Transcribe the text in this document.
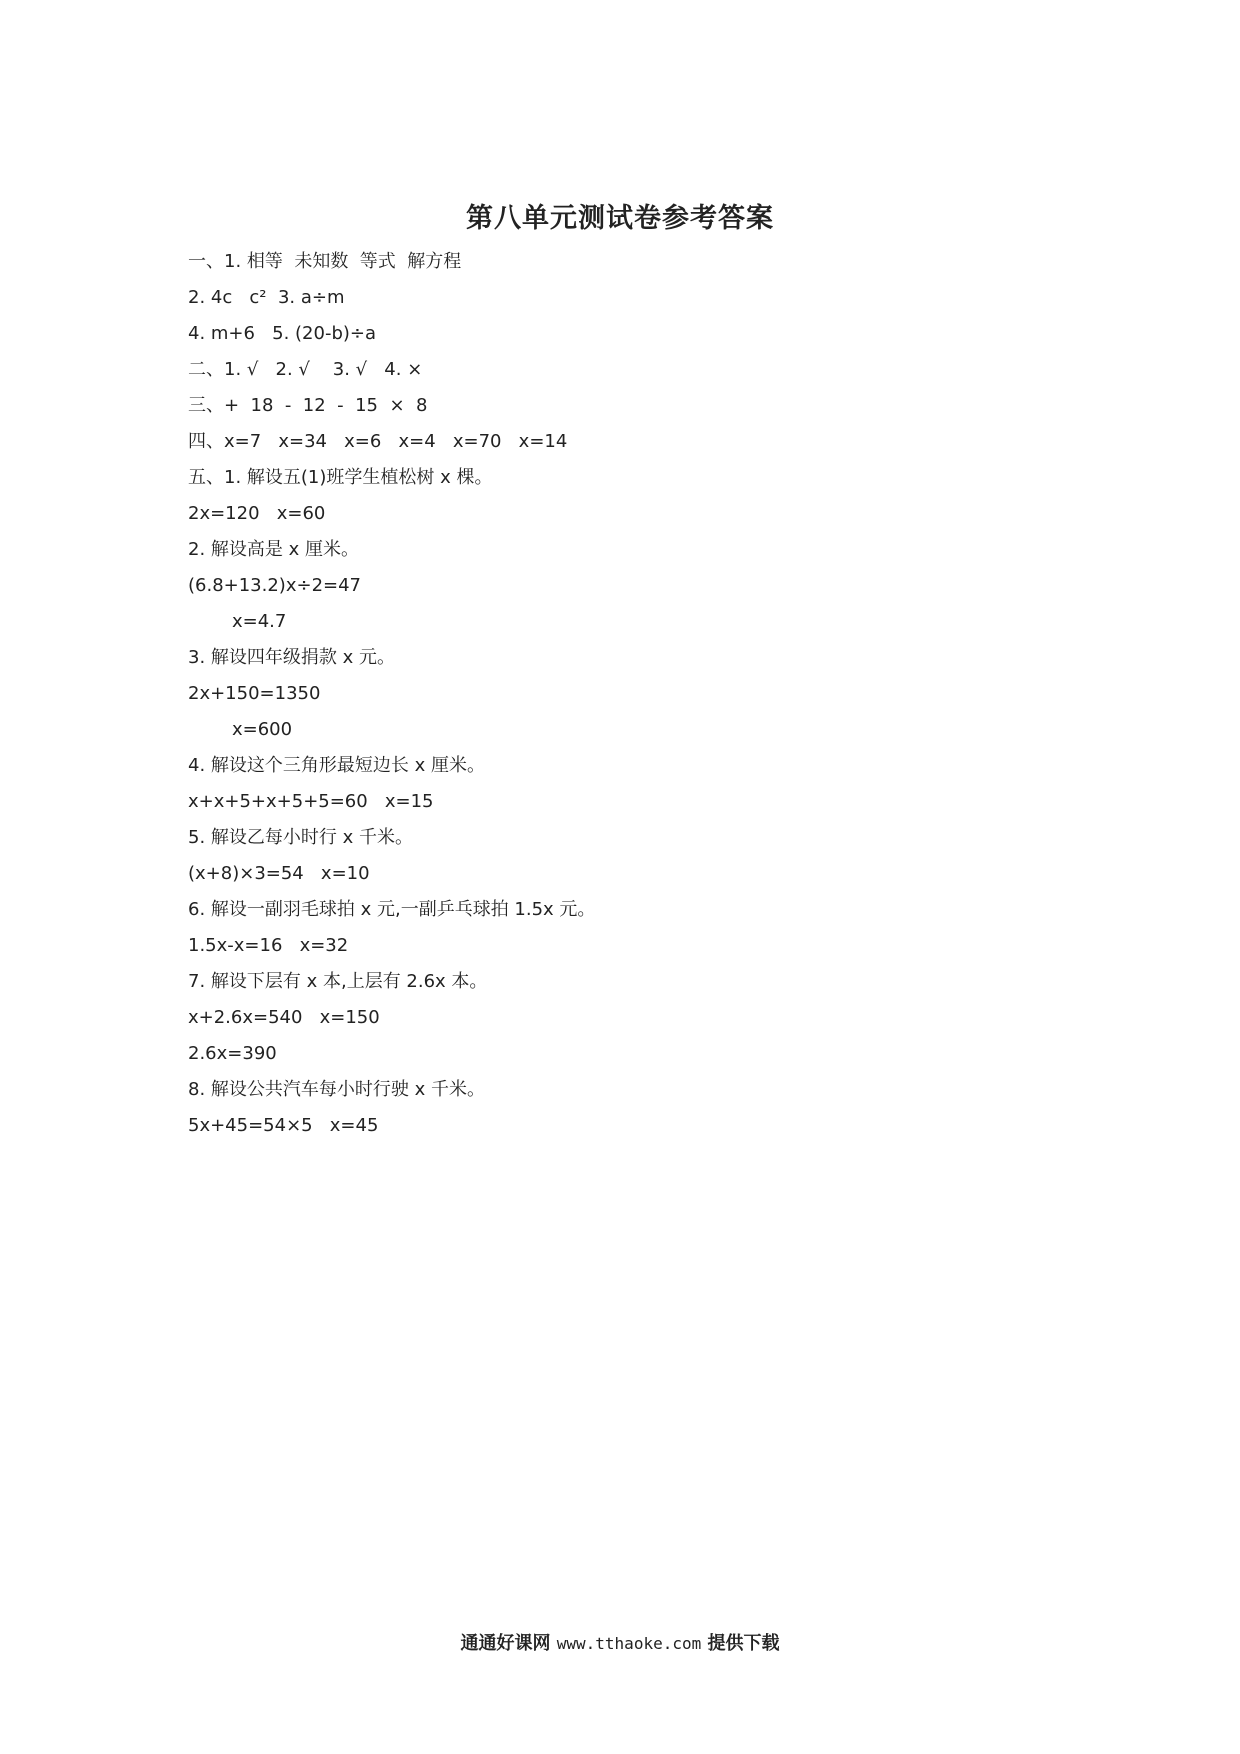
第八单元测试卷参考答案
一、1. 相等  未知数  等式  解方程
2. 4c   c²  3. a÷m
4. m+6   5. (20-b)÷a
二、1. √   2. √    3. √   4. ×
三、+  18  -  12  -  15  ×  8
四、x=7   x=34   x=6   x=4   x=70   x=14
五、1. 解设五(1)班学生植松树 x 棵。
2x=120   x=60
2. 解设高是 x 厘米。
(6.8+13.2)x÷2=47
x=4.7
3. 解设四年级捐款 x 元。
2x+150=1350
x=600
4. 解设这个三角形最短边长 x 厘米。
x+x+5+x+5+5=60   x=15
5. 解设乙每小时行 x 千米。
(x+8)×3=54   x=10
6. 解设一副羽毛球拍 x 元,一副乒乓球拍 1.5x 元。
1.5x-x=16   x=32
7. 解设下层有 x 本,上层有 2.6x 本。
x+2.6x=540   x=150
2.6x=390
8. 解设公共汽车每小时行驶 x 千米。
5x+45=54×5   x=45
通通好课网 www.tthaoke.com 提供下载
